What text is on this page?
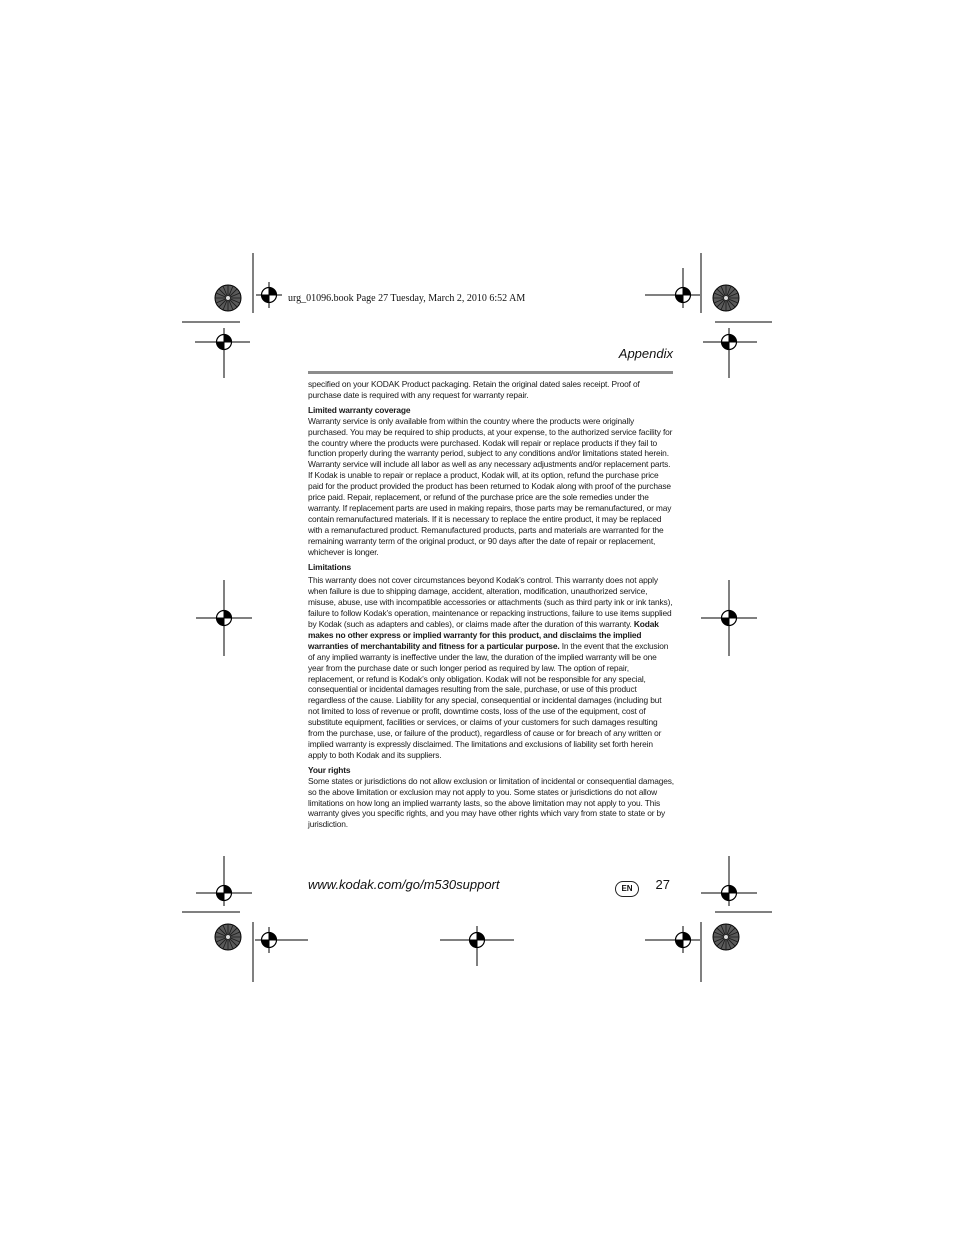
urg_01096.book Page 27 Tuesday, March 2, 2010 6:52 AM
Appendix

specified on your KODAK Product packaging. Retain the original dated sales receipt. Proof of purchase date is required with any request for warranty repair.

Limited warranty coverage

Warranty service is only available from within the country where the products were originally purchased. You may be required to ship products, at your expense, to the authorized service facility for the country where the products were purchased. Kodak will repair or replace products if they fail to function properly during the warranty period, subject to any conditions and/or limitations stated herein. Warranty service will include all labor as well as any necessary adjustments and/or replacement parts. If Kodak is unable to repair or replace a product, Kodak will, at its option, refund the purchase price paid for the product provided the product has been returned to Kodak along with proof of the purchase price paid. Repair, replacement, or refund of the purchase price are the sole remedies under the warranty. If replacement parts are used in making repairs, those parts may be remanufactured, or may contain remanufactured materials. If it is necessary to replace the entire product, it may be replaced with a remanufactured product. Remanufactured products, parts and materials are warranted for the remaining warranty term of the original product, or 90 days after the date of repair or replacement, whichever is longer.

Limitations

This warranty does not cover circumstances beyond Kodak’s control. This warranty does not apply when failure is due to shipping damage, accident, alteration, modification, unauthorized service, misuse, abuse, use with incompatible accessories or attachments (such as third party ink or ink tanks), failure to follow Kodak’s operation, maintenance or repacking instructions, failure to use items supplied by Kodak (such as adapters and cables), or claims made after the duration of this warranty. Kodak makes no other express or implied warranty for this product, and disclaims the implied warranties of merchantability and fitness for a particular purpose. In the event that the exclusion of any implied warranty is ineffective under the law, the duration of the implied warranty will be one year from the purchase date or such longer period as required by law. The option of repair, replacement, or refund is Kodak’s only obligation. Kodak will not be responsible for any special, consequential or incidental damages resulting from the sale, purchase, or use of this product regardless of the cause. Liability for any special, consequential or incidental damages (including but not limited to loss of revenue or profit, downtime costs, loss of the use of the equipment, cost of substitute equipment, facilities or services, or claims of your customers for such damages resulting from the purchase, use, or failure of the product), regardless of cause or for breach of any written or implied warranty is expressly disclaimed. The limitations and exclusions of liability set forth herein apply to both Kodak and its suppliers.

Your rights

Some states or jurisdictions do not allow exclusion or limitation of incidental or consequential damages, so the above limitation or exclusion may not apply to you. Some states or jurisdictions do not allow limitations on how long an implied warranty lasts, so the above limitation may not apply to you. This warranty gives you specific rights, and you may have other rights which vary from state to state or by jurisdiction.

www.kodak.com/go/m530support	EN	27
